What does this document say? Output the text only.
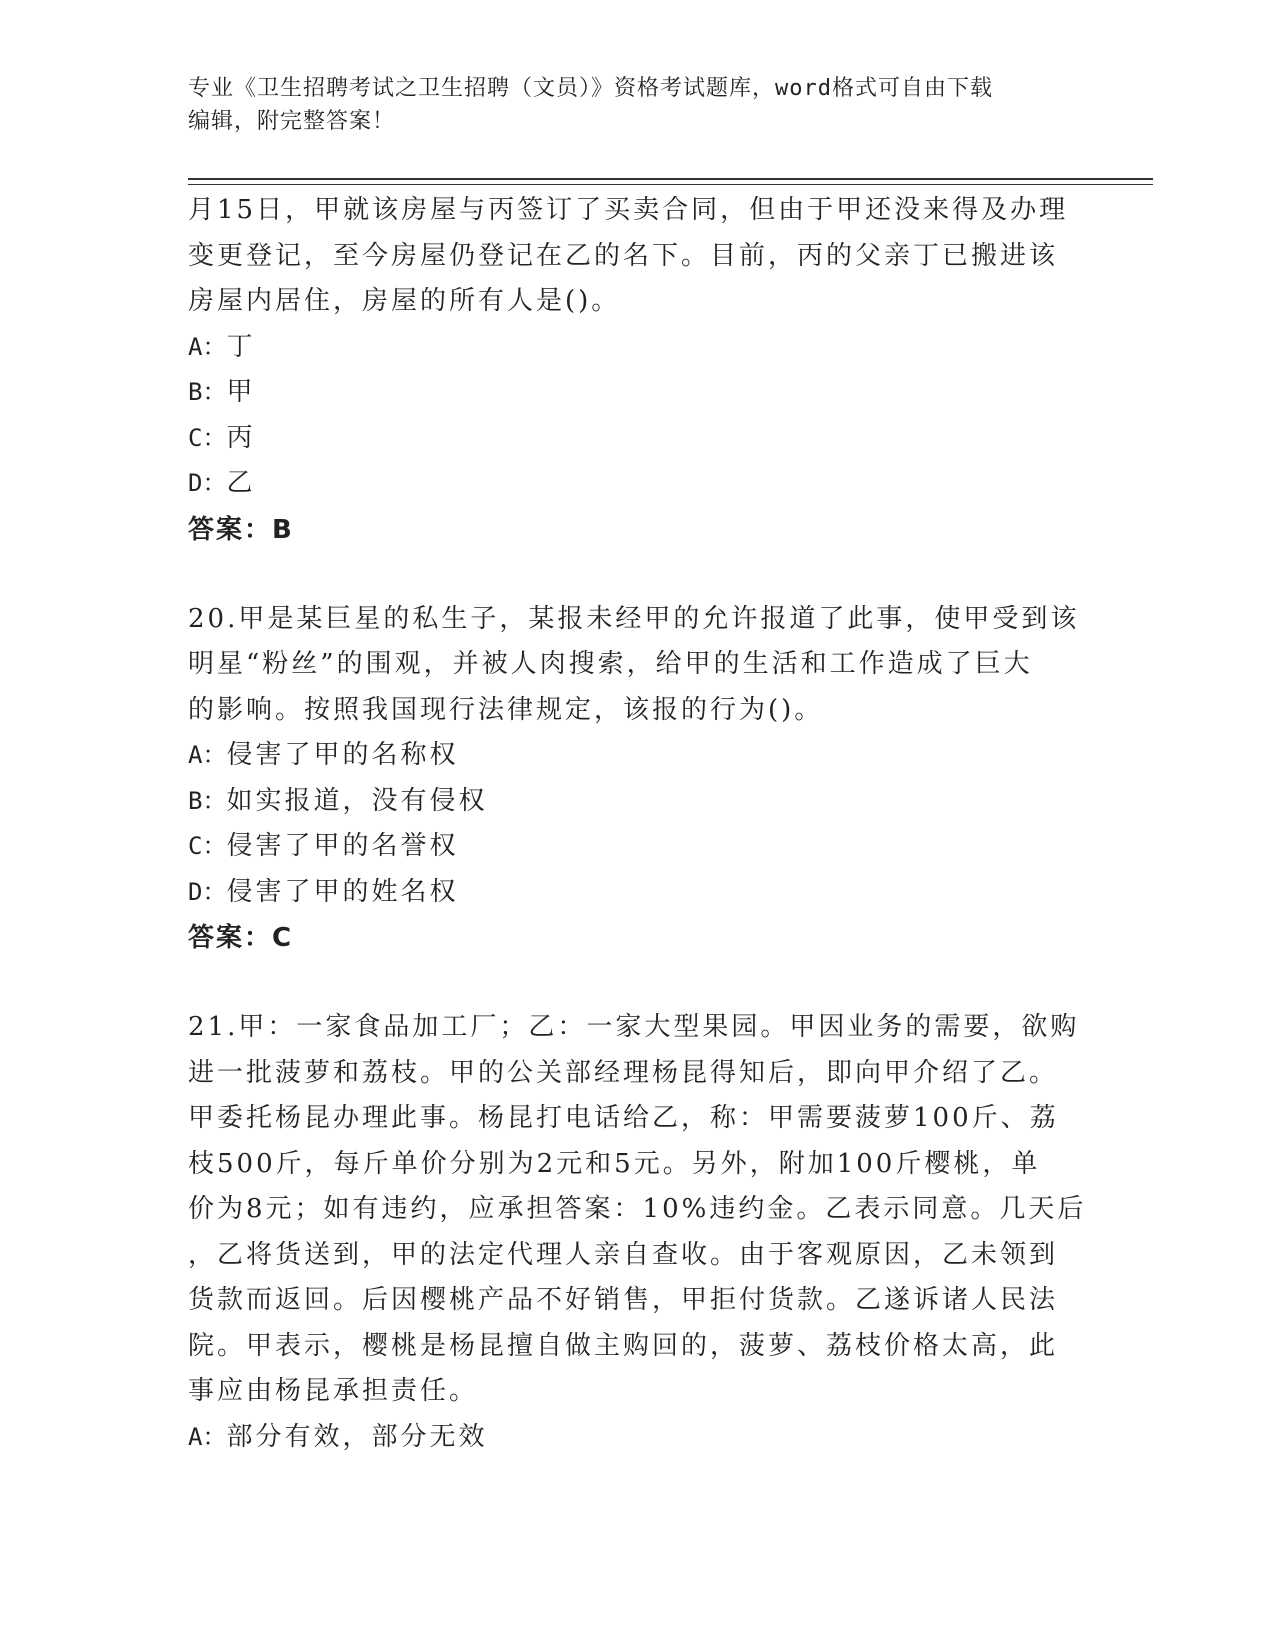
专业《卫生招聘考试之卫生招聘（文员）》资格考试题库，word格式可自由下载
编辑，附完整答案！

月15日，甲就该房屋与丙签订了买卖合同，但由于甲还没来得及办理

变更登记，至今房屋仍登记在乙的名下。目前，丙的父亲丁已搬进该

房屋内居住，房屋的所有人是()。

A：丁

B：甲

C：丙

D：乙

答案：B

20.甲是某巨星的私生子，某报未经甲的允许报道了此事，使甲受到该

明星“粉丝”的围观，并被人肉搜索，给甲的生活和工作造成了巨大

的影响。按照我国现行法律规定，该报的行为()。

A：侵害了甲的名称权

B：如实报道，没有侵权

C：侵害了甲的名誉权

D：侵害了甲的姓名权

答案：C

21.甲：一家食品加工厂；乙：一家大型果园。甲因业务的需要，欲购

进一批菠萝和荔枝。甲的公关部经理杨昆得知后，即向甲介绍了乙。

甲委托杨昆办理此事。杨昆打电话给乙，称：甲需要菠萝100斤、荔

枝500斤，每斤单价分别为2元和5元。另外，附加100斤樱桃，单

价为8元；如有违约，应承担答案：10%违约金。乙表示同意。几天后

，乙将货送到，甲的法定代理人亲自查收。由于客观原因，乙未领到

货款而返回。后因樱桃产品不好销售，甲拒付货款。乙遂诉诸人民法

院。甲表示，樱桃是杨昆擅自做主购回的，菠萝、荔枝价格太高，此

事应由杨昆承担责任。

A：部分有效，部分无效
